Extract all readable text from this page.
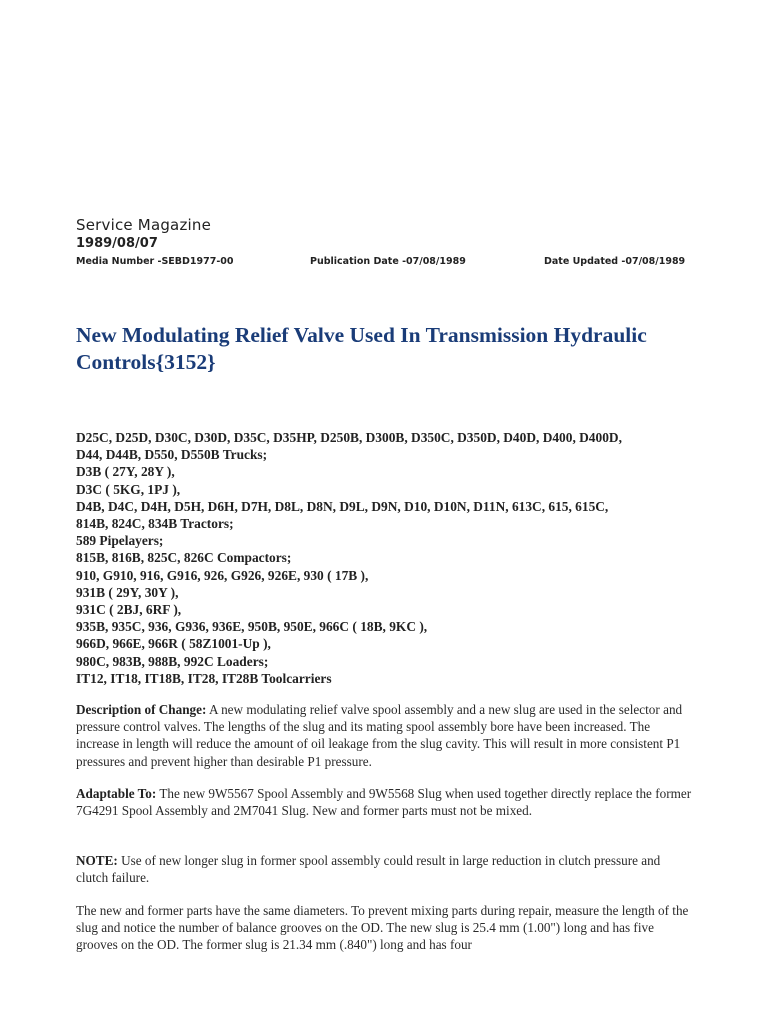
Service Magazine
1989/08/07
Media Number -SEBD1977-00	Publication Date -07/08/1989	Date Updated -07/08/1989
New Modulating Relief Valve Used In Transmission Hydraulic Controls{3152}
D25C, D25D, D30C, D30D, D35C, D35HP, D250B, D300B, D350C, D350D, D40D, D400, D400D,
D44, D44B, D550, D550B Trucks;
D3B ( 27Y, 28Y ),
D3C ( 5KG, 1PJ ),
D4B, D4C, D4H, D5H, D6H, D7H, D8L, D8N, D9L, D9N, D10, D10N, D11N, 613C, 615, 615C,
814B, 824C, 834B Tractors;
589 Pipelayers;
815B, 816B, 825C, 826C Compactors;
910, G910, 916, G916, 926, G926, 926E, 930 ( 17B ),
931B ( 29Y, 30Y ),
931C ( 2BJ, 6RF ),
935B, 935C, 936, G936, 936E, 950B, 950E, 966C ( 18B, 9KC ),
966D, 966E, 966R ( 58Z1001-Up ),
980C, 983B, 988B, 992C Loaders;
IT12, IT18, IT18B, IT28, IT28B Toolcarriers
Description of Change: A new modulating relief valve spool assembly and a new slug are used in the selector and pressure control valves. The lengths of the slug and its mating spool assembly bore have been increased. The increase in length will reduce the amount of oil leakage from the slug cavity. This will result in more consistent P1 pressures and prevent higher than desirable P1 pressure.
Adaptable To: The new 9W5567 Spool Assembly and 9W5568 Slug when used together directly replace the former 7G4291 Spool Assembly and 2M7041 Slug. New and former parts must not be mixed.
NOTE: Use of new longer slug in former spool assembly could result in large reduction in clutch pressure and clutch failure.
The new and former parts have the same diameters. To prevent mixing parts during repair, measure the length of the slug and notice the number of balance grooves on the OD. The new slug is 25.4 mm (1.00") long and has five grooves on the OD. The former slug is 21.34 mm (.840") long and has four
